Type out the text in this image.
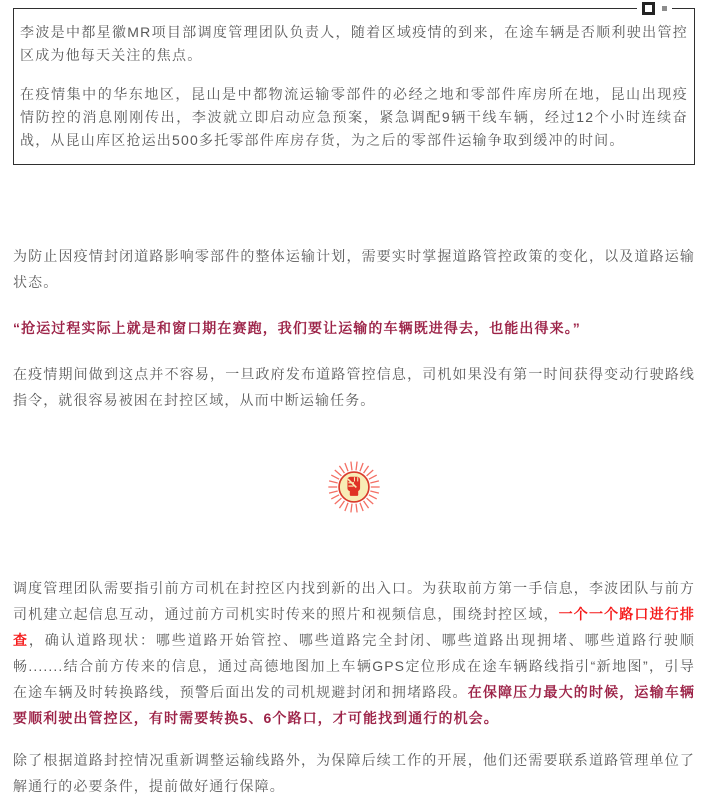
李波是中都星徽MR项目部调度管理团队负责人，随着区域疫情的到来，在途车辆是否顺利驶出管控区成为他每天关注的焦点。

在疫情集中的华东地区，昆山是中都物流运输零部件的必经之地和零部件库房所在地，昆山出现疫情防控的消息刚刚传出，李波就立即启动应急预案，紧急调配9辆干线车辆，经过12个小时连续奋战，从昆山库区抢运出500多托零部件库房存货，为之后的零部件运输争取到缓冲的时间。

为防止因疫情封闭道路影响零部件的整体运输计划，需要实时掌握道路管控政策的变化，以及道路运输状态。

“抢运过程实际上就是和窗口期在赛跑，我们要让运输的车辆既进得去，也能出得来。”

在疫情期间做到这点并不容易，一旦政府发布道路管控信息，司机如果没有第一时间获得变动行驶路线指令，就很容易被困在封控区域，从而中断运输任务。

调度管理团队需要指引前方司机在封控区内找到新的出入口。为获取前方第一手信息，李波团队与前方司机建立起信息互动，通过前方司机实时传来的照片和视频信息，围绕封控区域，一个一个路口进行排查，确认道路现状：哪些道路开始管控、哪些道路完全封闭、哪些道路出现拥堵、哪些道路行驶顺畅.......结合前方传来的信息，通过高德地图加上车辆GPS定位形成在途车辆路线指引“新地图”，引导在途车辆及时转换路线，预警后面出发的司机规避封闭和拥堵路段。在保障压力最大的时候，运输车辆要顺利驶出管控区，有时需要转换5、6个路口，才可能找到通行的机会。

除了根据道路封控情况重新调整运输线路外，为保障后续工作的开展，他们还需要联系道路管理单位了解通行的必要条件，提前做好通行保障。
